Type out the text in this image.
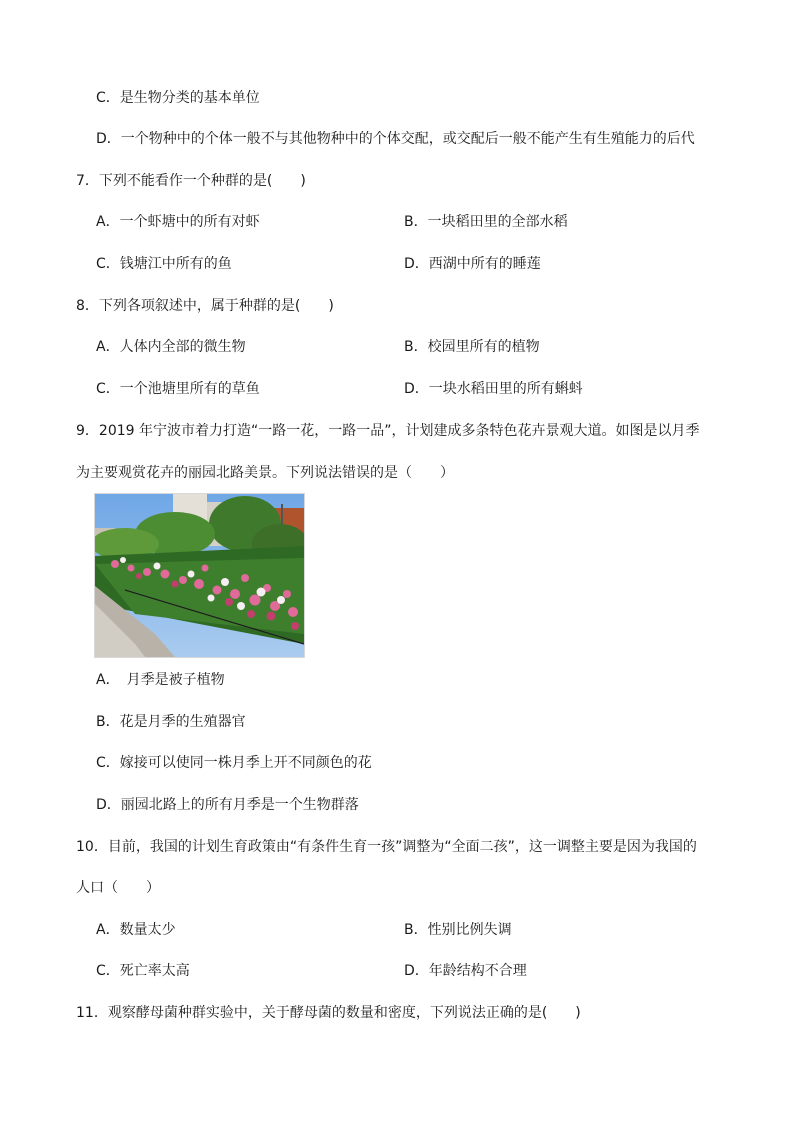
C．是生物分类的基本单位
D．一个物种中的个体一般不与其他物种中的个体交配，或交配后一般不能产生有生殖能力的后代
7．下列不能看作一个种群的是(　　)
A．一个虾塘中的所有对虾	B．一块稻田里的全部水稻
C．钱塘江中所有的鱼	D．西湖中所有的睡莲
8．下列各项叙述中，属于种群的是(　　)
A．人体内全部的微生物	B．校园里所有的植物
C．一个池塘里所有的草鱼	D．一块水稻田里的所有蝌蚪
9．2019 年宁波市着力打造“一路一花，一路一品”，计划建成多条特色花卉景观大道。如图是以月季
为主要观赏花卉的丽园北路美景。下列说法错误的是（　　）
A．　月季是被子植物
B．花是月季的生殖器官
C．嫁接可以使同一株月季上开不同颜色的花
D．丽园北路上的所有月季是一个生物群落
10．目前，我国的计划生育政策由“有条件生育一孩”调整为“全面二孩”，这一调整主要是因为我国的
人口（　　）
A．数量太少	B．性别比例失调
C．死亡率太高	D．年龄结构不合理
11．观察酵母菌种群实验中，关于酵母菌的数量和密度，下列说法正确的是(　　)
